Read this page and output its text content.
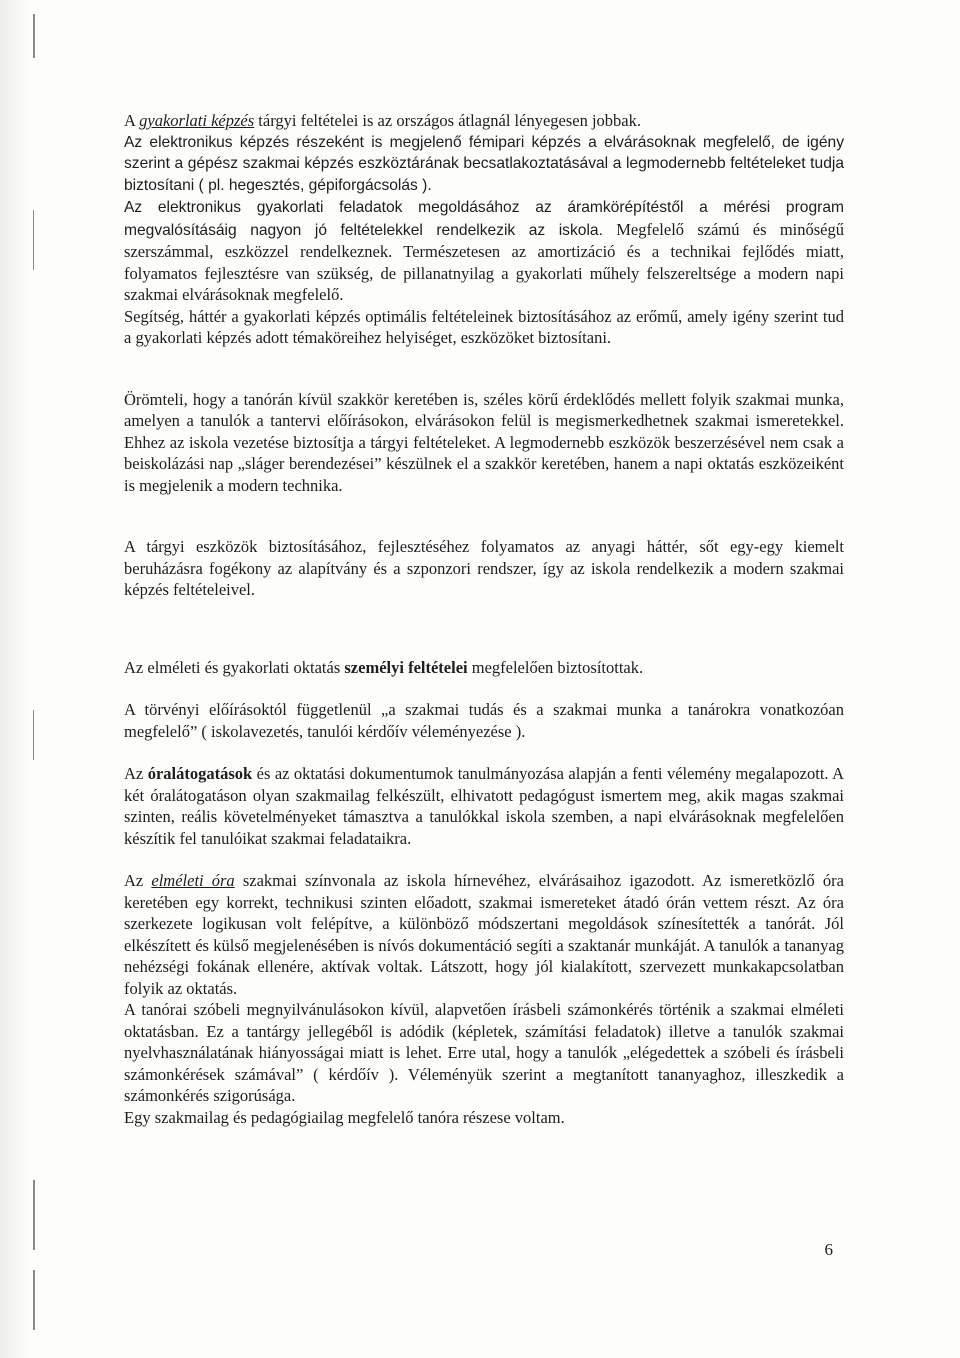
A gyakorlati képzés tárgyi feltételei is az országos átlagnál lényegesen jobbak.

Az elektronikus képzés részeként is megjelenő fémipari képzés a elvárásoknak megfelelő, de igény szerint a gépész szakmai képzés eszköztárának becsatlakoztatásával a legmodernebb feltételeket tudja biztosítani ( pl. hegesztés, gépiforgácsolás ).

Az elektronikus gyakorlati feladatok megoldásához az áramkörépítéstől a mérési program megvalósításáig nagyon jó feltételekkel rendelkezik az iskola. Megfelelő számú és minőségű szerszámmal, eszközzel rendelkeznek. Természetesen az amortizáció és a technikai fejlődés miatt, folyamatos fejlesztésre van szükség, de pillanatnyilag a gyakorlati műhely felszereltsége a modern napi szakmai elvárásoknak megfelelő.

Segítség, háttér a gyakorlati képzés optimális feltételeinek biztosításához az erőmű, amely igény szerint tud a gyakorlati képzés adott témaköreihez helyiséget, eszközöket biztosítani.

Örömteli, hogy a tanórán kívül szakkör keretében is, széles körű érdeklődés mellett folyik szakmai munka, amelyen a tanulók a tantervi előírásokon, elvárásokon felül is megismerkedhetnek szakmai ismeretekkel. Ehhez az iskola vezetése biztosítja a tárgyi feltételeket. A legmodernebb eszközök beszerzésével nem csak a beiskolázási nap „sláger berendezései” készülnek el a szakkör keretében, hanem a napi oktatás eszközeiként is megjelenik a modern technika.

A tárgyi eszközök biztosításához, fejlesztéséhez folyamatos az anyagi háttér, sőt egy-egy kiemelt beruházásra fogékony az alapítvány és a szponzori rendszer, így az iskola rendelkezik a modern szakmai képzés feltételeivel.

Az elméleti és gyakorlati oktatás személyi feltételei megfelelően biztosítottak.

A törvényi előírásoktól függetlenül „a szakmai tudás és a szakmai munka a tanárokra vonatkozóan megfelelő” ( iskolavezetés, tanulói kérdőív véleményezése ).

Az óralátogatások és az oktatási dokumentumok tanulmányozása alapján a fenti vélemény megalapozott. A két óralátogatáson olyan szakmailag felkészült, elhivatott pedagógust ismertem meg, akik magas szakmai szinten, reális követelményeket támasztva a tanulókkal iskola szemben, a napi elvárásoknak megfelelően készítik fel tanulóikat szakmai feladataikra.

Az elméleti óra szakmai színvonala az iskola hírnevéhez, elvárásaihoz igazodott. Az ismeretközlő óra keretében egy korrekt, technikusi szinten előadott, szakmai ismereteket átadó órán vettem részt. Az óra szerkezete logikusan volt felépítve, a különböző módszertani megoldások színesítették a tanórát. Jól elkészített és külső megjelenésében is nívós dokumentáció segíti a szaktanár munkáját. A tanulók a tananyag nehézségi fokának ellenére, aktívak voltak. Látszott, hogy jól kialakított, szervezett munkakapcsolatban folyik az oktatás.

A tanórai szóbeli megnyilvánulásokon kívül, alapvetően írásbeli számonkérés történik a szakmai elméleti oktatásban. Ez a tantárgy jellegéből is adódik (képletek, számítási feladatok) illetve a tanulók szakmai nyelvhasználatának hiányosságai miatt is lehet. Erre utal, hogy a tanulók „elégedettek a szóbeli és írásbeli számonkérések számával” ( kérdőív ). Véleményük szerint a megtanított tananyaghoz, illeszkedik a számonkérés szigorúsága.

Egy szakmailag és pedagógiailag megfelelő tanóra részese voltam.

6
